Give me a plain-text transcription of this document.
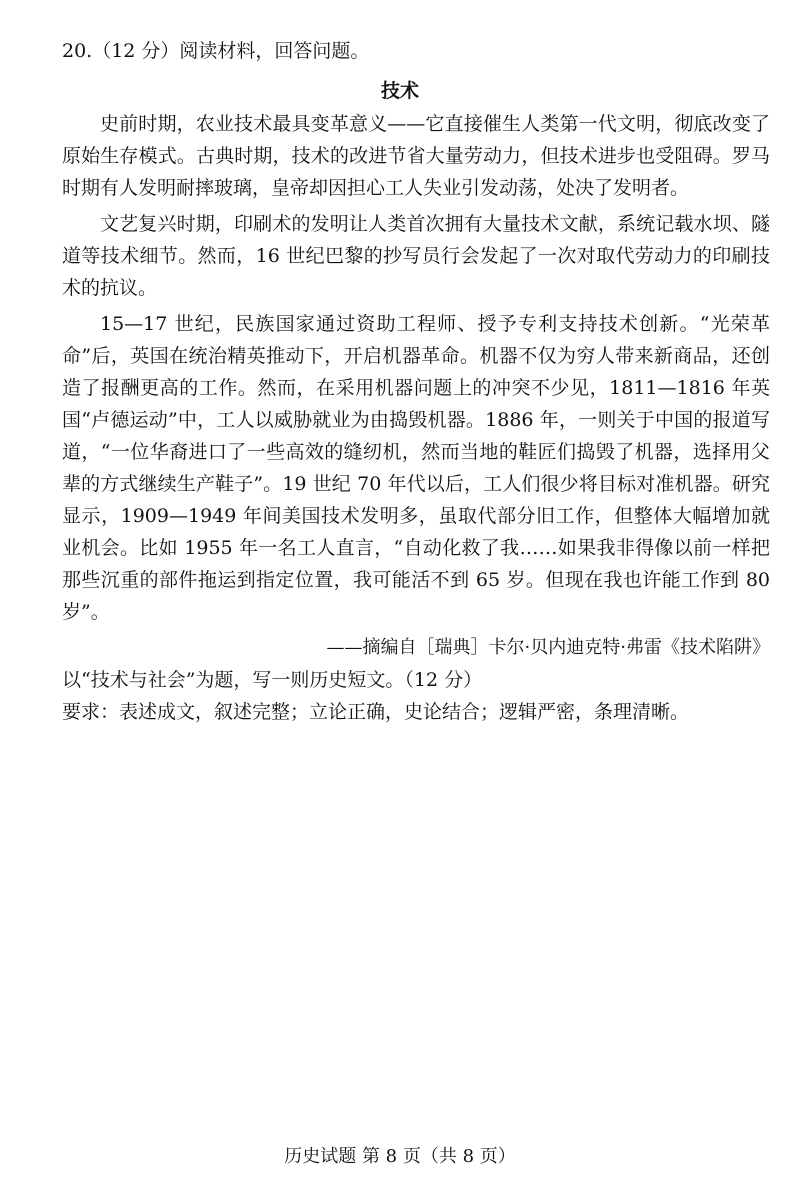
20.（12 分）阅读材料，回答问题。
技术

史前时期，农业技术最具变革意义——它直接催生人类第一代文明，彻底改变了原始生存模式。古典时期，技术的改进节省大量劳动力，但技术进步也受阻碍。罗马时期有人发明耐摔玻璃，皇帝却因担心工人失业引发动荡，处决了发明者。

文艺复兴时期，印刷术的发明让人类首次拥有大量技术文献，系统记载水坝、隧道等技术细节。然而，16 世纪巴黎的抄写员行会发起了一次对取代劳动力的印刷技术的抗议。

15—17 世纪，民族国家通过资助工程师、授予专利支持技术创新。“光荣革命”后，英国在统治精英推动下，开启机器革命。机器不仅为穷人带来新商品，还创造了报酬更高的工作。然而，在采用机器问题上的冲突不少见，1811—1816 年英国“卢德运动”中，工人以威胁就业为由捣毁机器。1886 年，一则关于中国的报道写道，“一位华裔进口了一些高效的缝纫机，然而当地的鞋匠们捣毁了机器，选择用父辈的方式继续生产鞋子”。19 世纪 70 年代以后，工人们很少将目标对准机器。研究显示，1909—1949 年间美国技术发明多，虽取代部分旧工作，但整体大幅增加就业机会。比如 1955 年一名工人直言，“自动化救了我……如果我非得像以前一样把那些沉重的部件拖运到指定位置，我可能活不到 65 岁。但现在我也许能工作到 80 岁”。

——摘编自［瑞典］卡尔·贝内迪克特·弗雷《技术陷阱》
以“技术与社会”为题，写一则历史短文。（12 分）
要求：表述成文，叙述完整；立论正确，史论结合；逻辑严密，条理清晰。
历史试题 第 8 页（共 8 页）
